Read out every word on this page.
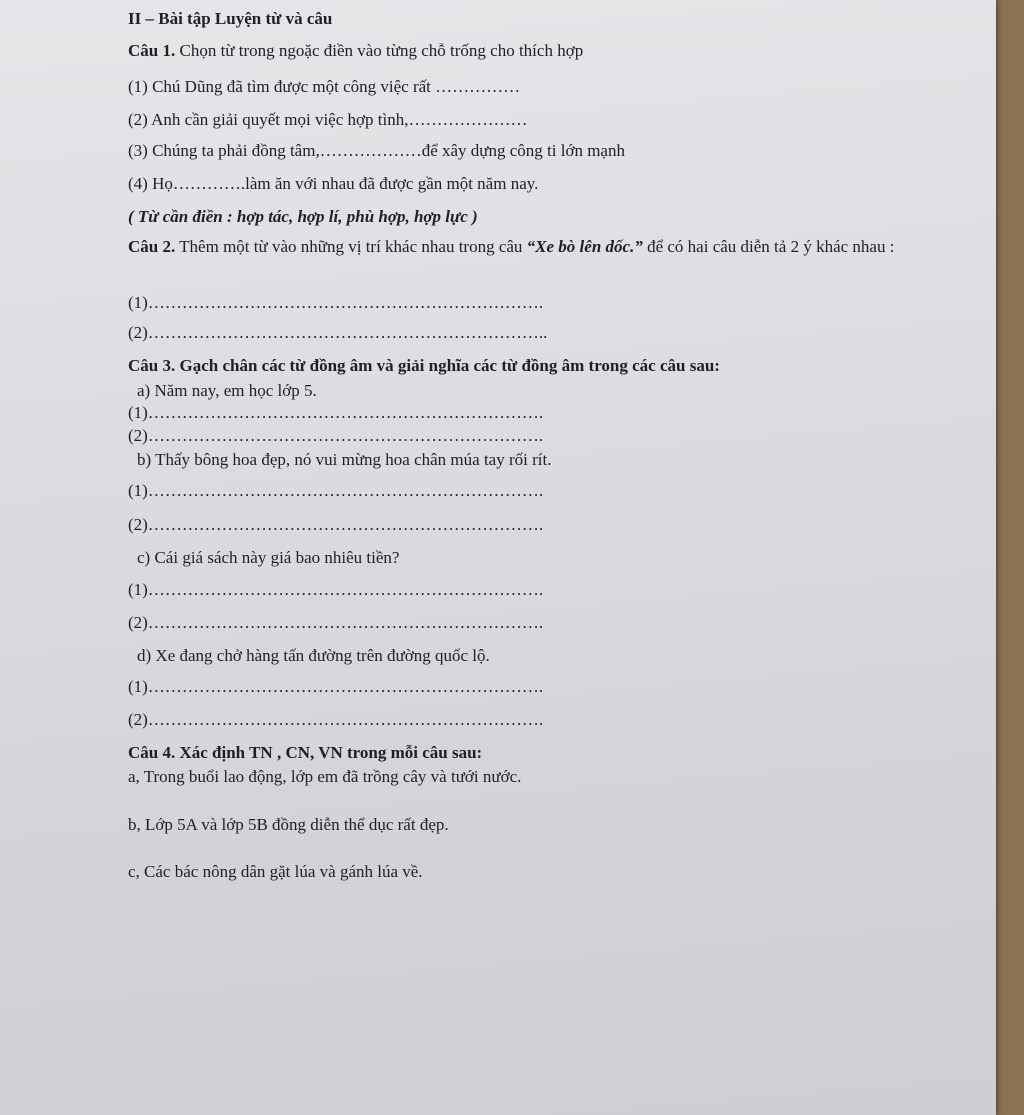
II – Bài tập Luyện từ và câu
Câu 1. Chọn từ trong ngoặc điền vào từng chỗ trống cho thích hợp
(1) Chú Dũng đã tìm được một công việc rất ……………
(2) Anh cần giải quyết mọi việc hợp tình,…………………
(3) Chúng ta phải đồng tâm,………………để xây dựng công ti lớn mạnh
(4) Họ………….làm ăn với nhau đã được gần một năm nay.
( Từ cần điền : hợp tác, hợp lí, phù hợp, hợp lực )
Câu 2. Thêm một từ vào những vị trí khác nhau trong câu “Xe bò lên dốc.” để có hai câu diễn tả 2 ý khác nhau :
(1)…………………………………………………………….
(2)……………………………………………………………..
Câu 3. Gạch chân các từ đồng âm và giải nghĩa các từ đồng âm trong các câu sau:
a) Năm nay, em học lớp 5.
(1)…………………………………………………………….
(2)…………………………………………………………….
b) Thấy bông hoa đẹp, nó vui mừng hoa chân múa tay rối rít.
(1)…………………………………………………………….
(2)…………………………………………………………….
c) Cái giá sách này giá bao nhiêu tiền?
(1)…………………………………………………………….
(2)…………………………………………………………….
d) Xe đang chở hàng tấn đường trên đường quốc lộ.
(1)…………………………………………………………….
(2)…………………………………………………………….
Câu 4. Xác định TN , CN, VN trong mỗi câu sau:
a, Trong buổi lao động, lớp em đã trồng cây và tưới nước.
b, Lớp 5A và lớp 5B đồng diễn thể dục rất đẹp.
c, Các bác nông dân gặt lúa và gánh lúa về.
